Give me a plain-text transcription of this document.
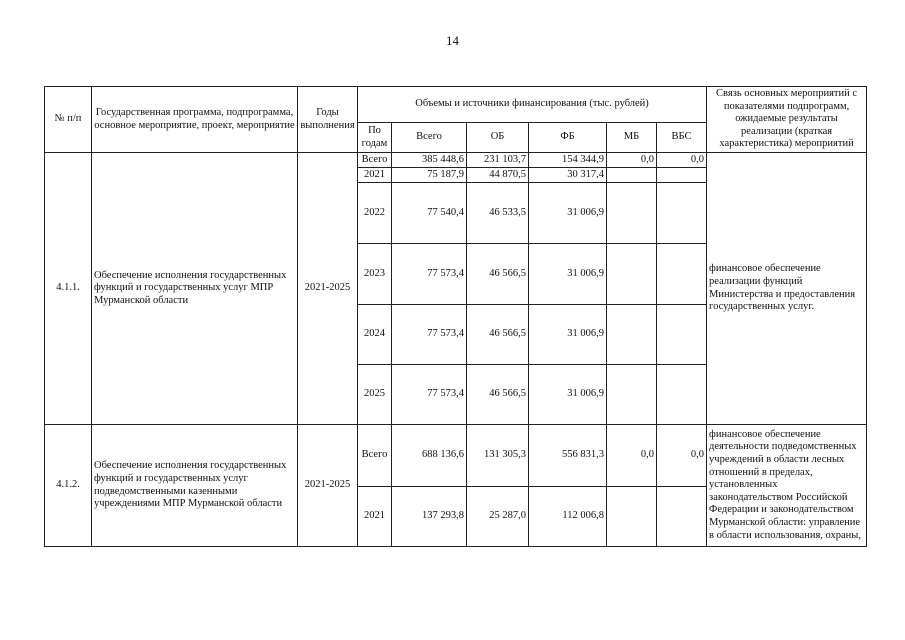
14
№ п/п	Государственная программа, подпрограмма, основное мероприятие, проект, мероприятие	Годы выполнения	Объемы и источники финансирования (тыс. рублей)						Связь основных мероприятий с показателями подпрограмм, ожидаемые результаты реализации (краткая характеристика) мероприятий
			По годам	Всего	ОБ	ФБ	МБ	ВБС	
4.1.1.	Обеспечение исполнения государственных функций и государственных услуг МПР Мурманской области	2021-2025	Всего	385 448,6	231 103,7	154 344,9	0,0	0,0	финансовое обеспечение реализации функций Министерства и предоставления государственных услуг.
			2021	75 187,9	44 870,5	30 317,4			
			2022	77 540,4	46 533,5	31 006,9			
			2023	77 573,4	46 566,5	31 006,9			
			2024	77 573,4	46 566,5	31 006,9			
			2025	77 573,4	46 566,5	31 006,9			
4.1.2.	Обеспечение исполнения государственных функций и государственных услуг подведомственными казенными учреждениями МПР Мурманской области	2021-2025	Всего	688 136,6	131 305,3	556 831,3	0,0	0,0	финансовое обеспечение деятельности подведомственных учреждений в области лесных отношений в пределах, установленных законодательством Российской Федерации и законодательством Мурманской области: управление в области использования, охраны,
			2021	137 293,8	25 287,0	112 006,8			
